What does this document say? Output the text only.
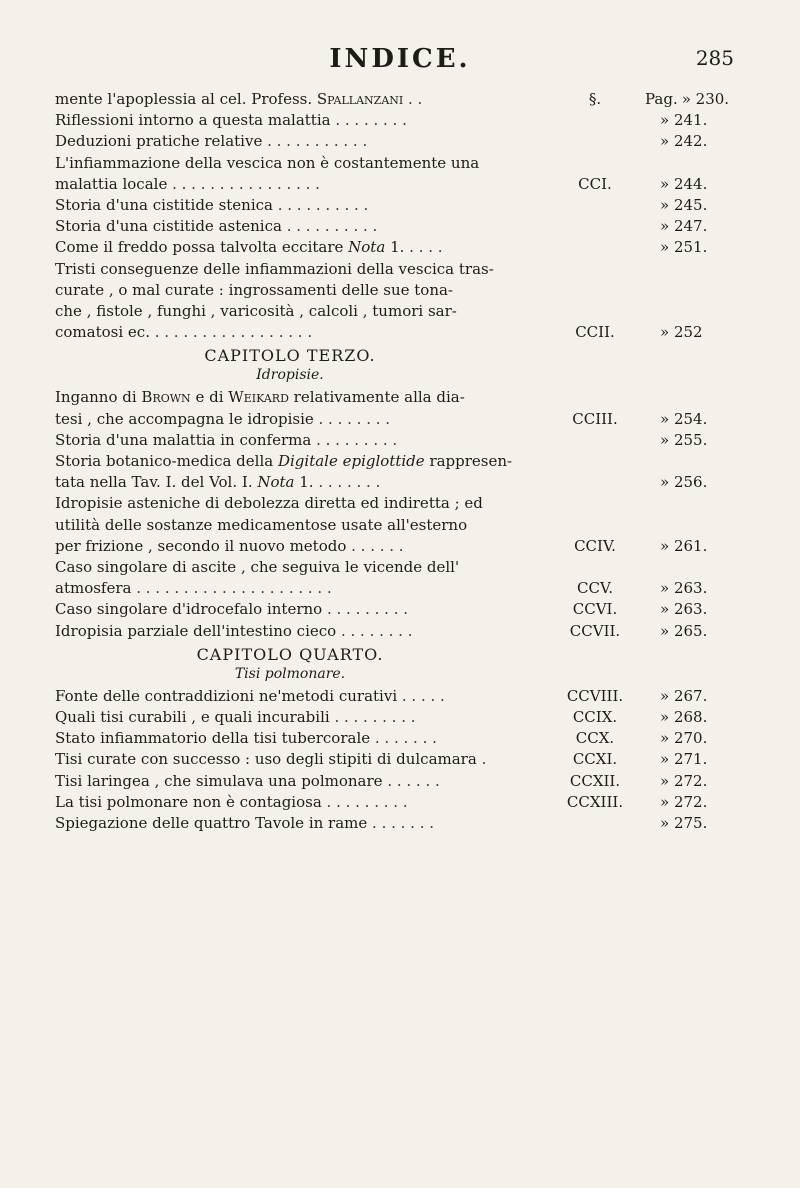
INDICE.	285
mente l'apoplessia al cel. Profess. Spallanzani . .	§.	Pag. » 230.
Riflessioni intorno a questa malattia . . . . . . . .	» 241.
Deduzioni pratiche relative . . . . . . . . . . .	» 242.
L'infiammazione della vescica non è costantemente una
malattia locale . . . . . . . . . . . . . . . .	CCI.	» 244.
Storia d'una cistitide stenica . . . . . . . . . .	» 245.
Storia d'una cistitide astenica . . . . . . . . . .	» 247.
Come il freddo possa talvolta eccitare Nota 1. . . . .	» 251.
Tristi conseguenze delle infiammazioni della vescica tras-
curate , o mal curate : ingrossamenti delle sue tona-
che , fistole , funghi , varicosità , calcoli , tumori sar-
comatosi ec. . . . . . . . . . . . . . . . . .	CCII.	» 252
CAPITOLO TERZO.
Idropisie.
Inganno di Brown e di Weikard relativamente alla dia-
tesi , che accompagna le idropisie . . . . . . . .	CCIII.	» 254.
Storia d'una malattia in conferma . . . . . . . . .	» 255.
Storia botanico-medica della Digitale epiglottide rappresen-
tata nella Tav. I. del Vol. I. Nota 1. . . . . . . .	» 256.
Idropisie asteniche di debolezza diretta ed indiretta ; ed
utilità delle sostanze medicamentose usate all'esterno
per frizione , secondo il nuovo metodo . . . . . .	CCIV.	» 261.
Caso singolare di ascite , che seguiva le vicende dell'
atmosfera . . . . . . . . . . . . . . . . . . . . .	CCV.	» 263.
Caso singolare d'idrocefalo interno . . . . . . . . .	CCVI.	» 263.
Idropisia parziale dell'intestino cieco . . . . . . . .	CCVII.	» 265.
CAPITOLO QUARTO.
Tisi polmonare.
Fonte delle contraddizioni ne'metodi curativi . . . . .	CCVIII.	» 267.
Quali tisi curabili , e quali incurabili . . . . . . . . .	CCIX.	» 268.
Stato infiammatorio della tisi tubercorale . . . . . . .	CCX.	» 270.
Tisi curate con successo : uso degli stipiti di dulcamara .	CCXI.	» 271.
Tisi laringea , che simulava una polmonare . . . . . .	CCXII.	» 272.
La tisi polmonare non è contagiosa . . . . . . . . .	CCXIII.	» 272.
Spiegazione delle quattro Tavole in rame . . . . . . .	» 275.
